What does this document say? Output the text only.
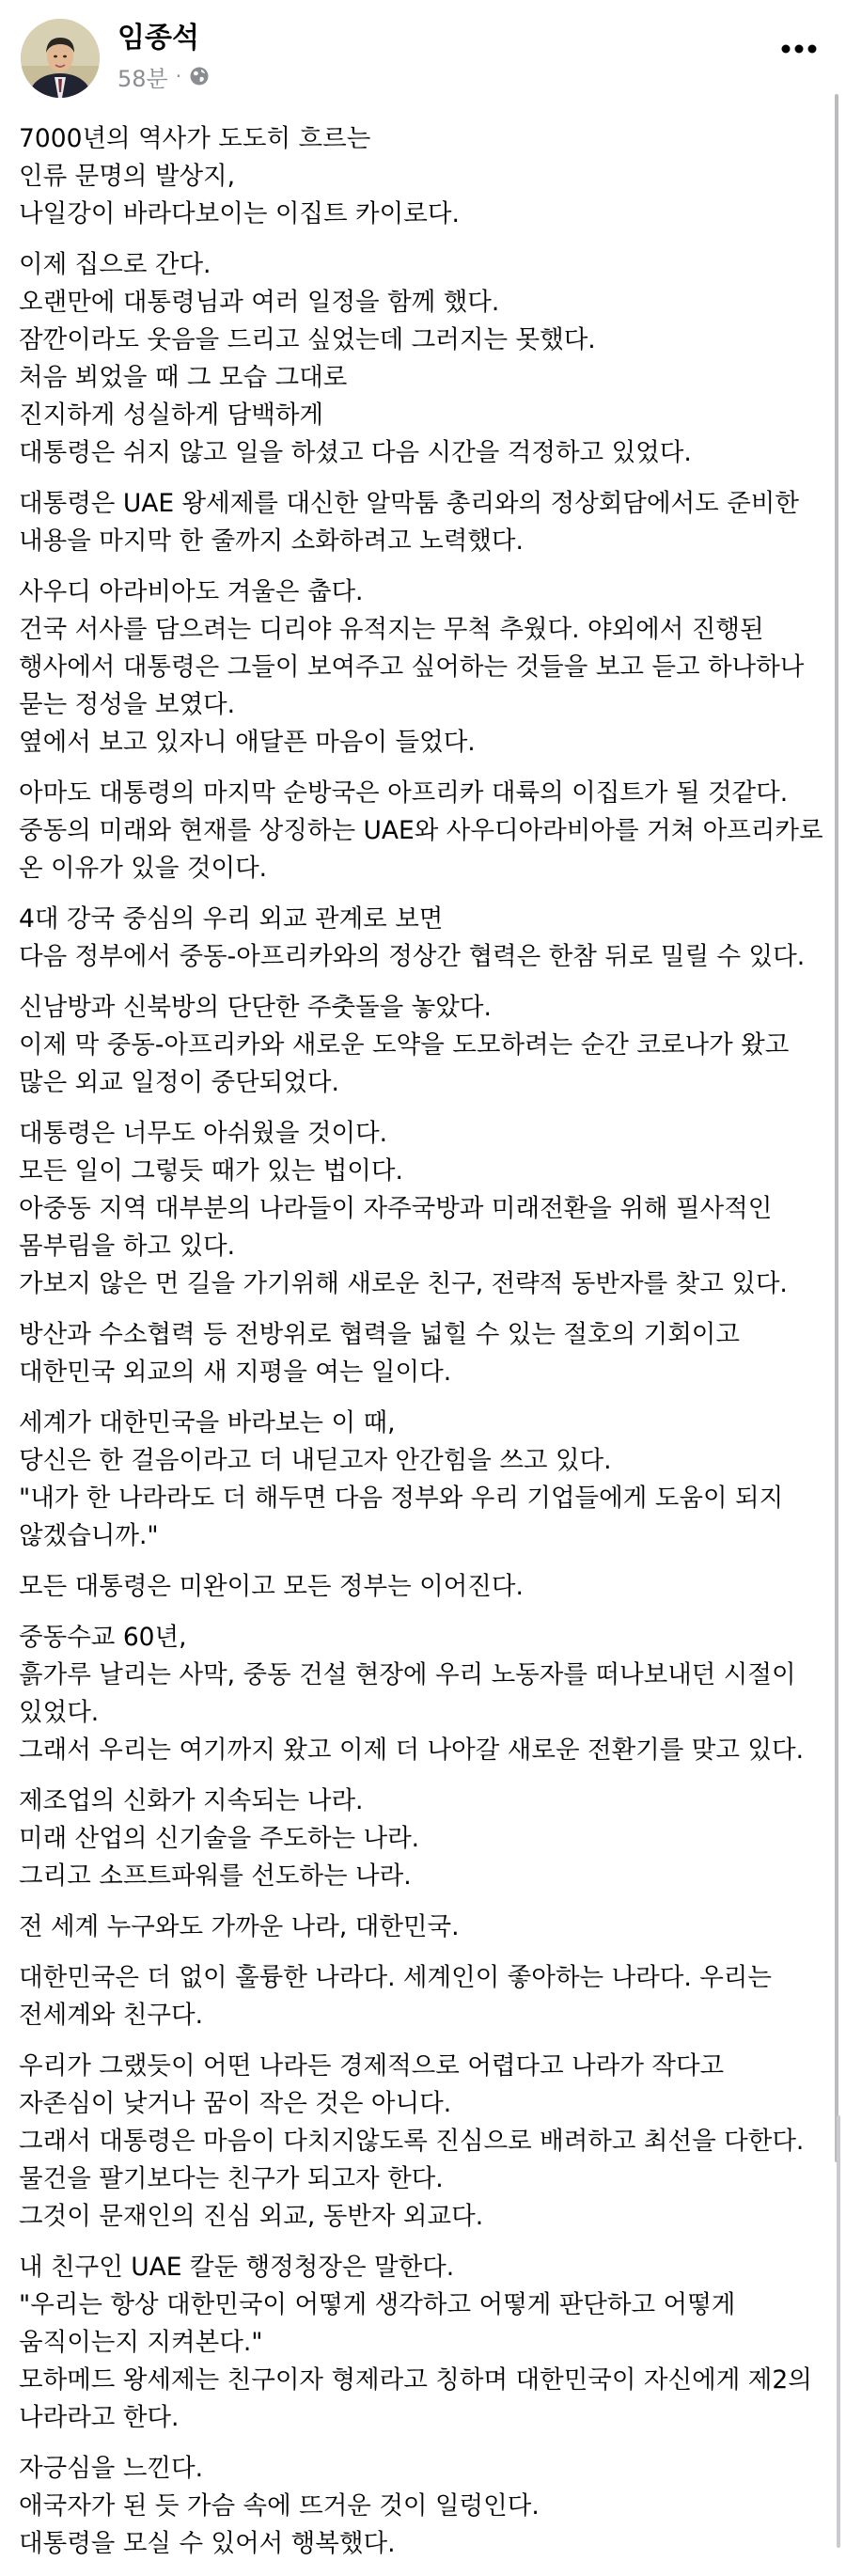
임종석
58분 ·

7000년의 역사가 도도히 흐르는
인류 문명의 발상지,
나일강이 바라다보이는 이집트 카이로다.

이제 집으로 간다.
오랜만에 대통령님과 여러 일정을 함께 했다.
잠깐이라도 웃음을 드리고 싶었는데 그러지는 못했다.
처음 뵈었을 때 그 모습 그대로
진지하게 성실하게 담백하게
대통령은 쉬지 않고 일을 하셨고 다음 시간을 걱정하고 있었다.

대통령은 UAE 왕세제를 대신한 알막툼 총리와의 정상회담에서도 준비한 내용을 마지막 한 줄까지 소화하려고 노력했다.

사우디 아라비아도 겨울은 춥다.
건국 서사를 담으려는 디리야 유적지는 무척 추웠다. 야외에서 진행된 행사에서 대통령은 그들이 보여주고 싶어하는 것들을 보고 듣고 하나하나 묻는 정성을 보였다.
옆에서 보고 있자니 애달픈 마음이 들었다.

아마도 대통령의 마지막 순방국은 아프리카 대륙의 이집트가 될 것같다. 중동의 미래와 현재를 상징하는 UAE와 사우디아라비아를 거쳐 아프리카로 온 이유가 있을 것이다.

4대 강국 중심의 우리 외교 관계로 보면
다음 정부에서 중동-아프리카와의 정상간 협력은 한참 뒤로 밀릴 수 있다.

신남방과 신북방의 단단한 주춧돌을 놓았다.
이제 막 중동-아프리카와 새로운 도약을 도모하려는 순간 코로나가 왔고 많은 외교 일정이 중단되었다.

대통령은 너무도 아쉬웠을 것이다.
모든 일이 그렇듯 때가 있는 법이다.
아중동 지역 대부분의 나라들이 자주국방과 미래전환을 위해 필사적인 몸부림을 하고 있다.
가보지 않은 먼 길을 가기위해 새로운 친구, 전략적 동반자를 찾고 있다.

방산과 수소협력 등 전방위로 협력을 넓힐 수 있는 절호의 기회이고 대한민국 외교의 새 지평을 여는 일이다.

세계가 대한민국을 바라보는 이 때,
당신은 한 걸음이라고 더 내딛고자 안간힘을 쓰고 있다.
"내가 한 나라라도 더 해두면 다음 정부와 우리 기업들에게 도움이 되지 않겠습니까."

모든 대통령은 미완이고 모든 정부는 이어진다.

중동수교 60년,
흙가루 날리는 사막, 중동 건설 현장에 우리 노동자를 떠나보내던 시절이 있었다.
그래서 우리는 여기까지 왔고 이제 더 나아갈 새로운 전환기를 맞고 있다.

제조업의 신화가 지속되는 나라.
미래 산업의 신기술을 주도하는 나라.
그리고 소프트파워를 선도하는 나라.

전 세계 누구와도 가까운 나라, 대한민국.

대한민국은 더 없이 훌륭한 나라다. 세계인이 좋아하는 나라다. 우리는 전세계와 친구다.

우리가 그랬듯이 어떤 나라든 경제적으로 어렵다고 나라가 작다고 자존심이 낮거나 꿈이 작은 것은 아니다.
그래서 대통령은 마음이 다치지않도록 진심으로 배려하고 최선을 다한다.
물건을 팔기보다는 친구가 되고자 한다.
그것이 문재인의 진심 외교, 동반자 외교다.

내 친구인 UAE 칼둔 행정청장은 말한다.
"우리는 항상 대한민국이 어떻게 생각하고 어떻게 판단하고 어떻게 움직이는지 지켜본다."
모하메드 왕세제는 친구이자 형제라고 칭하며 대한민국이 자신에게 제2의 나라라고 한다.

자긍심을 느낀다.
애국자가 된 듯 가슴 속에 뜨거운 것이 일렁인다.
대통령을 모실 수 있어서 행복했다.
